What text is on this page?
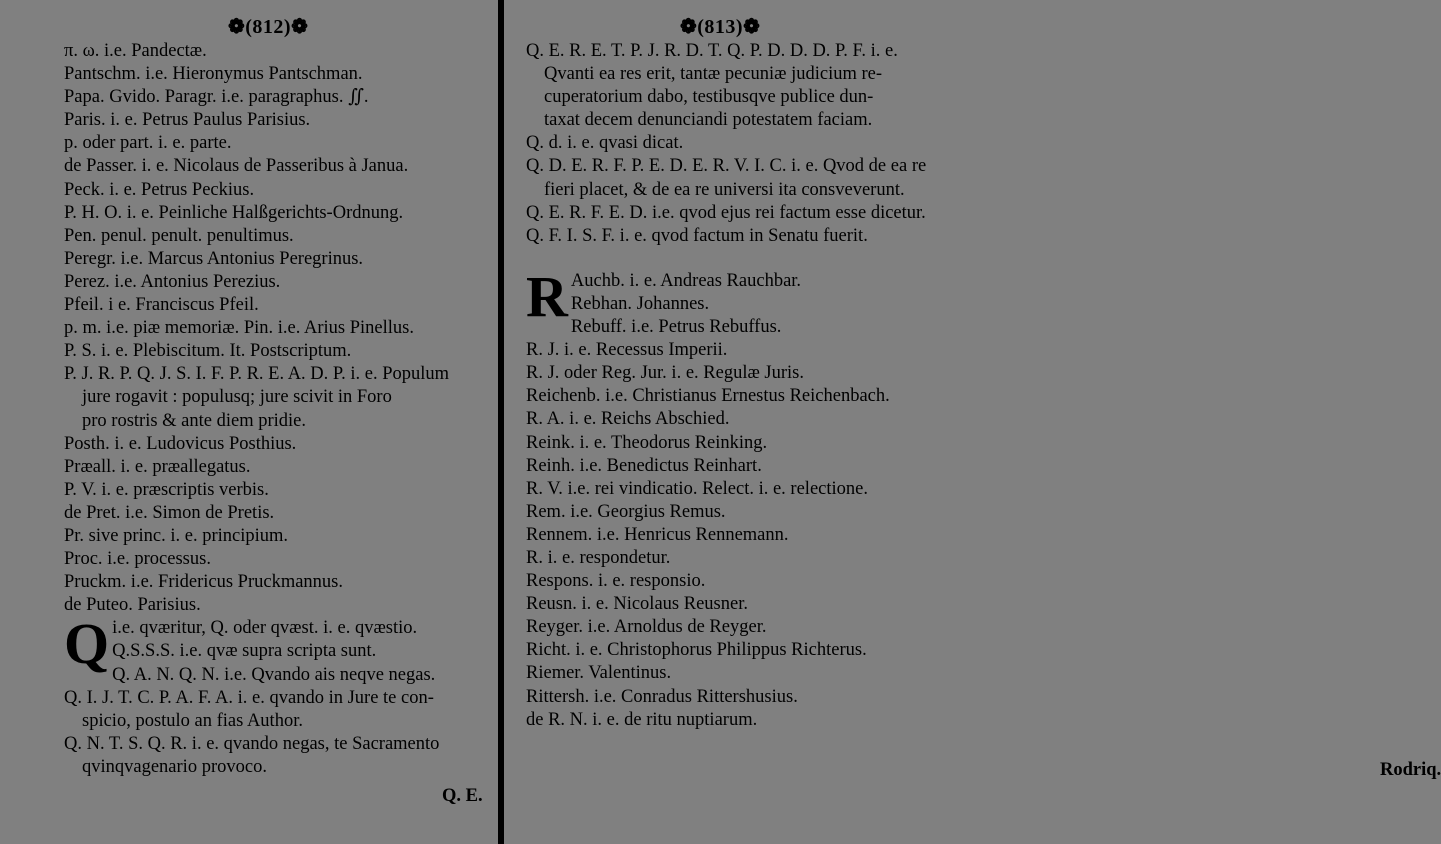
❁(812)❁
π. ω. i.e. Pandectæ.
Pantschm. i.e. Hieronymus Pantschman.
Papa. Gvido. Paragr. i.e. paragraphus. ∬.
Paris. i. e. Petrus Paulus Parisius.
p. oder part. i. e. parte.
de Passer. i. e. Nicolaus de Passeribus à Janua.
Peck. i. e. Petrus Peckius.
P. H. O. i. e. Peinliche Halßgerichts-Ordnung.
Pen. penul. penult. penultimus.
Peregr. i.e. Marcus Antonius Peregrinus.
Perez. i.e. Antonius Perezius.
Pfeil. i e. Franciscus Pfeil.
p. m. i.e. piæ memoriæ. Pin. i.e. Arius Pinellus.
P. S. i. e. Plebiscitum. It. Postscriptum.
P. J. R. P. Q. J. S. I. F. P. R. E. A. D. P. i. e. Populum
jure rogavit : populusq; jure scivit in Foro
pro rostris & ante diem pridie.
Posth. i. e. Ludovicus Posthius.
Præall. i. e. præallegatus.
P. V. i. e. præscriptis verbis.
de Pret. i.e. Simon de Pretis.
Pr. sive princ. i. e. principium.
Proc. i.e. processus.
Pruckm. i.e. Fridericus Pruckmannus.
de Puteo. Parisius.
Q i.e. qværitur, Q. oder qvæst. i. e. qvæstio.
Q.S.S.S. i.e. qvæ supra scripta sunt.
Q. A. N. Q. N. i.e. Qvando ais neqve negas.
Q. I. J. T. C. P. A. F. A. i. e. qvando in Jure te con-
spicio, postulo an fias Author.
Q. N. T. S. Q. R. i. e. qvando negas, te Sacramento
qvinqvagenario provoco.
Q. E.
❁(813)❁
Q. E. R. E. T. P. J. R. D. T. Q. P. D. D. D. P. F. i. e.
Qvanti ea res erit, tantæ pecuniæ judicium re-
cuperatorium dabo, testibusqve publice dun-
taxat decem denunciandi potestatem faciam.
Q. d. i. e. qvasi dicat.
Q. D. E. R. F. P. E. D. E. R. V. I. C. i. e. Qvod de ea re
fieri placet, & de ea re universi ita consveverunt.
Q. E. R. F. E. D. i.e. qvod ejus rei factum esse dicetur.
Q. F. I. S. F. i. e. qvod factum in Senatu fuerit.
R Auchb. i. e. Andreas Rauchbar.
Rebhan. Johannes.
Rebuff. i.e. Petrus Rebuffus.
R. J. i. e. Recessus Imperii.
R. J. oder Reg. Jur. i. e. Regulæ Juris.
Reichenb. i.e. Christianus Ernestus Reichenbach.
R. A. i. e. Reichs Abschied.
Reink. i. e. Theodorus Reinking.
Reinh. i.e. Benedictus Reinhart.
R. V. i.e. rei vindicatio. Relect. i. e. relectione.
Rem. i.e. Georgius Remus.
Rennem. i.e. Henricus Rennemann.
R. i. e. respondetur.
Respons. i. e. responsio.
Reusn. i. e. Nicolaus Reusner.
Reyger. i.e. Arnoldus de Reyger.
Richt. i. e. Christophorus Philippus Richterus.
Riemer. Valentinus.
Rittersh. i.e. Conradus Rittershusius.
de R. N. i. e. de ritu nuptiarum.
Rodriq.
